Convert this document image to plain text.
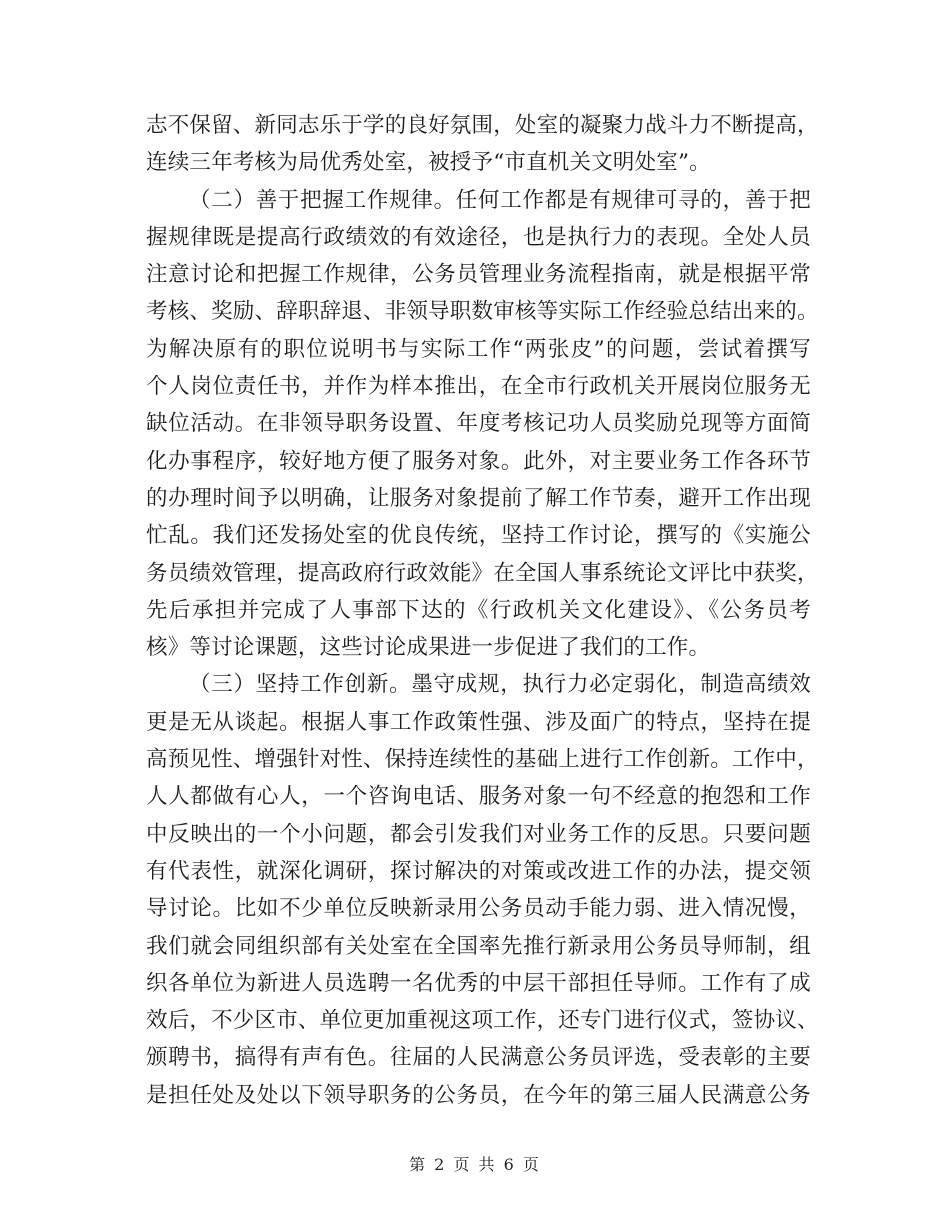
志不保留、新同志乐于学的良好氛围，处室的凝聚力战斗力不断提高，
连续三年考核为局优秀处室，被授予“市直机关文明处室”。
（二）善于把握工作规律。任何工作都是有规律可寻的，善于把
握规律既是提高行政绩效的有效途径，也是执行力的表现。全处人员
注意讨论和把握工作规律，公务员管理业务流程指南，就是根据平常
考核、奖励、辞职辞退、非领导职数审核等实际工作经验总结出来的。
为解决原有的职位说明书与实际工作“两张皮”的问题，尝试着撰写
个人岗位责任书，并作为样本推出，在全市行政机关开展岗位服务无
缺位活动。在非领导职务设置、年度考核记功人员奖励兑现等方面简
化办事程序，较好地方便了服务对象。此外，对主要业务工作各环节
的办理时间予以明确，让服务对象提前了解工作节奏，避开工作出现
忙乱。我们还发扬处室的优良传统，坚持工作讨论，撰写的《实施公
务员绩效管理，提高政府行政效能》在全国人事系统论文评比中获奖，
先后承担并完成了人事部下达的《行政机关文化建设》、《公务员考
核》等讨论课题，这些讨论成果进一步促进了我们的工作。
（三）坚持工作创新。墨守成规，执行力必定弱化，制造高绩效
更是无从谈起。根据人事工作政策性强、涉及面广的特点，坚持在提
高预见性、增强针对性、保持连续性的基础上进行工作创新。工作中，
人人都做有心人，一个咨询电话、服务对象一句不经意的抱怨和工作
中反映出的一个小问题，都会引发我们对业务工作的反思。只要问题
有代表性，就深化调研，探讨解决的对策或改进工作的办法，提交领
导讨论。比如不少单位反映新录用公务员动手能力弱、进入情况慢，
我们就会同组织部有关处室在全国率先推行新录用公务员导师制，组
织各单位为新进人员选聘一名优秀的中层干部担任导师。工作有了成
效后，不少区市、单位更加重视这项工作，还专门进行仪式，签协议、
颁聘书，搞得有声有色。往届的人民满意公务员评选，受表彰的主要
是担任处及处以下领导职务的公务员，在今年的第三届人民满意公务
第 2 页 共 6 页
